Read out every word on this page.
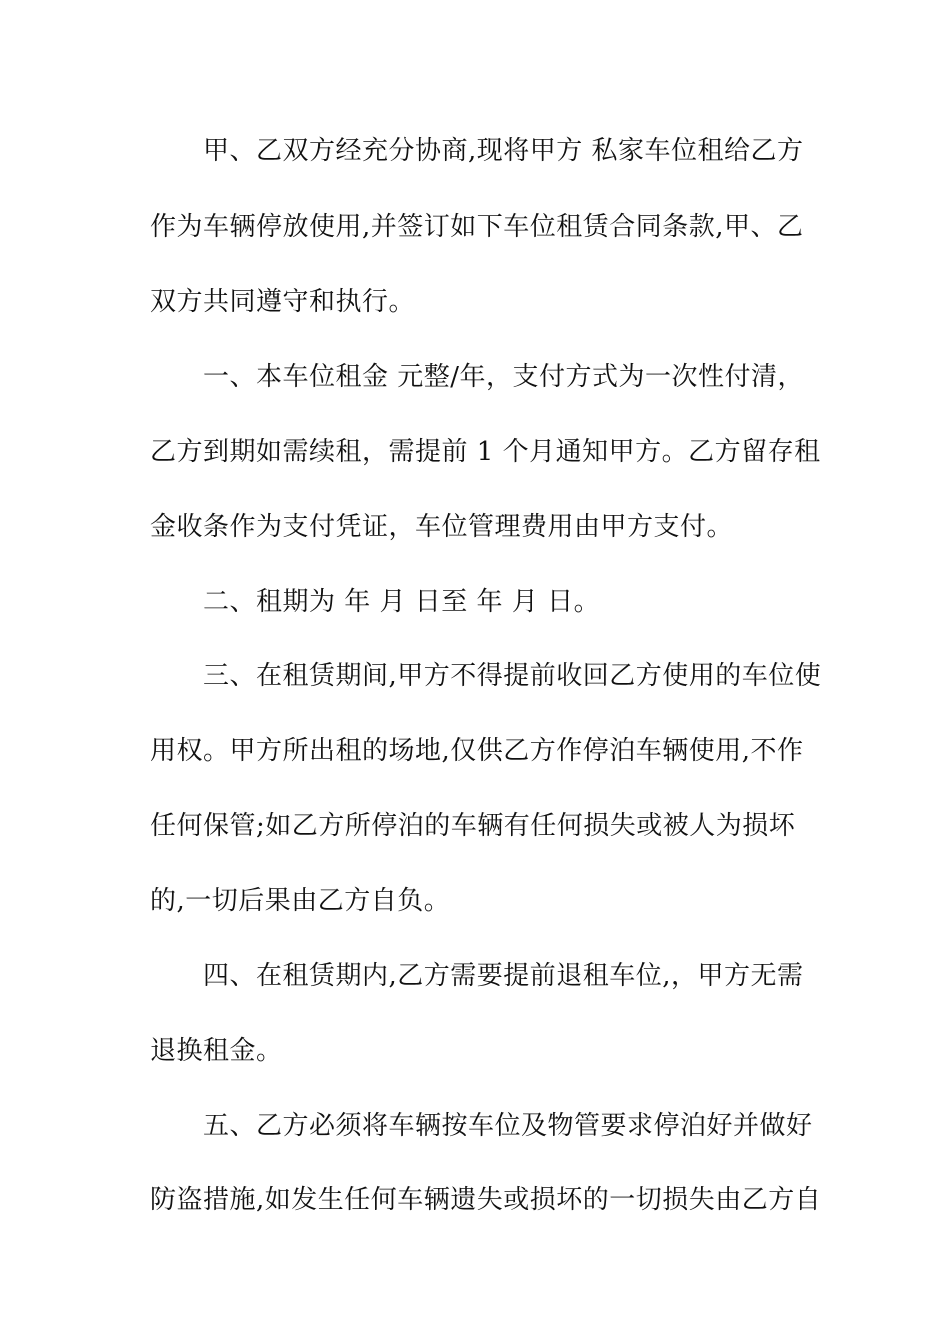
甲、乙双方经充分协商,现将甲方 私家车位租给乙方
作为车辆停放使用,并签订如下车位租赁合同条款,甲、乙
双方共同遵守和执行。
一、本车位租金 元整/年，支付方式为一次性付清，
乙方到期如需续租，需提前 1 个月通知甲方。乙方留存租
金收条作为支付凭证，车位管理费用由甲方支付。
二、租期为 年 月 日至 年 月 日。
三、在租赁期间,甲方不得提前收回乙方使用的车位使
用权。甲方所出租的场地,仅供乙方作停泊车辆使用,不作
任何保管;如乙方所停泊的车辆有任何损失或被人为损坏
的,一切后果由乙方自负。
四、在租赁期内,乙方需要提前退租车位,，甲方无需
退换租金。
五、乙方必须将车辆按车位及物管要求停泊好并做好
防盗措施,如发生任何车辆遗失或损坏的一切损失由乙方自
